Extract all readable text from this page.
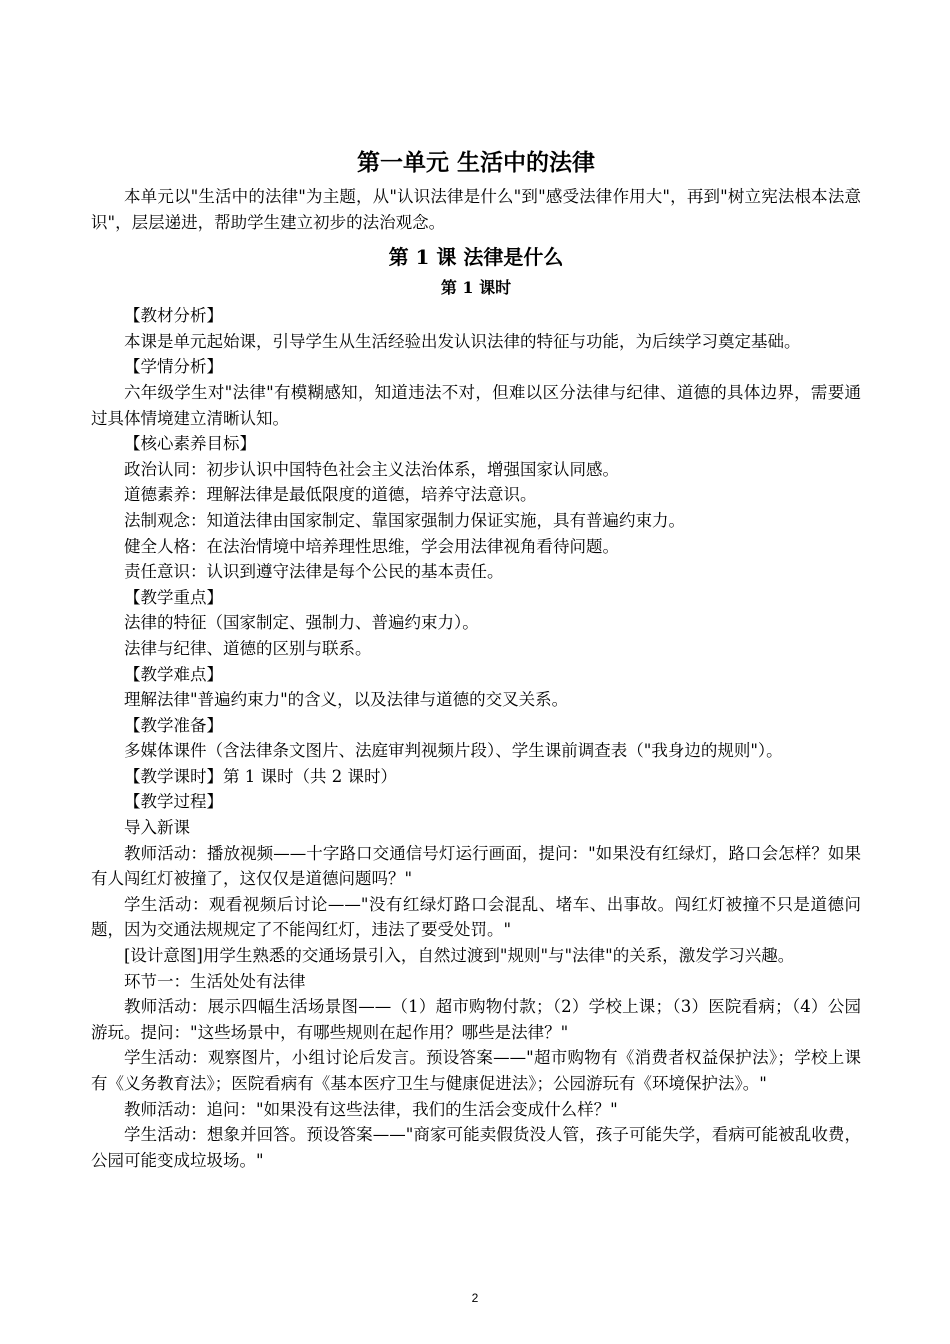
第一单元 生活中的法律

本单元以"生活中的法律"为主题，从"认识法律是什么"到"感受法律作用大"，再到"树立宪法根本法意识"，层层递进，帮助学生建立初步的法治观念。

第 1 课 法律是什么
第 1 课时

【教材分析】

本课是单元起始课，引导学生从生活经验出发认识法律的特征与功能，为后续学习奠定基础。

【学情分析】

六年级学生对"法律"有模糊感知，知道违法不对，但难以区分法律与纪律、道德的具体边界，需要通过具体情境建立清晰认知。

【核心素养目标】

政治认同：初步认识中国特色社会主义法治体系，增强国家认同感。

道德素养：理解法律是最低限度的道德，培养守法意识。

法制观念：知道法律由国家制定、靠国家强制力保证实施，具有普遍约束力。

健全人格：在法治情境中培养理性思维，学会用法律视角看待问题。

责任意识：认识到遵守法律是每个公民的基本责任。

【教学重点】

法律的特征（国家制定、强制力、普遍约束力）。

法律与纪律、道德的区别与联系。

【教学难点】

理解法律"普遍约束力"的含义，以及法律与道德的交叉关系。

【教学准备】

多媒体课件（含法律条文图片、法庭审判视频片段）、学生课前调查表（"我身边的规则"）。

【教学课时】第 1 课时（共 2 课时）

【教学过程】

导入新课

教师活动：播放视频——十字路口交通信号灯运行画面，提问："如果没有红绿灯，路口会怎样？如果有人闯红灯被撞了，这仅仅是道德问题吗？"

学生活动：观看视频后讨论——"没有红绿灯路口会混乱、堵车、出事故。闯红灯被撞不只是道德问题，因为交通法规规定了不能闯红灯，违法了要受处罚。"

[设计意图]用学生熟悉的交通场景引入，自然过渡到"规则"与"法律"的关系，激发学习兴趣。

环节一：生活处处有法律

教师活动：展示四幅生活场景图——（1）超市购物付款；（2）学校上课；（3）医院看病；（4）公园游玩。提问："这些场景中，有哪些规则在起作用？哪些是法律？"

学生活动：观察图片，小组讨论后发言。预设答案——"超市购物有《消费者权益保护法》；学校上课有《义务教育法》；医院看病有《基本医疗卫生与健康促进法》；公园游玩有《环境保护法》。"

教师活动：追问："如果没有这些法律，我们的生活会变成什么样？"

学生活动：想象并回答。预设答案——"商家可能卖假货没人管，孩子可能失学，看病可能被乱收费，公园可能变成垃圾场。"

2
